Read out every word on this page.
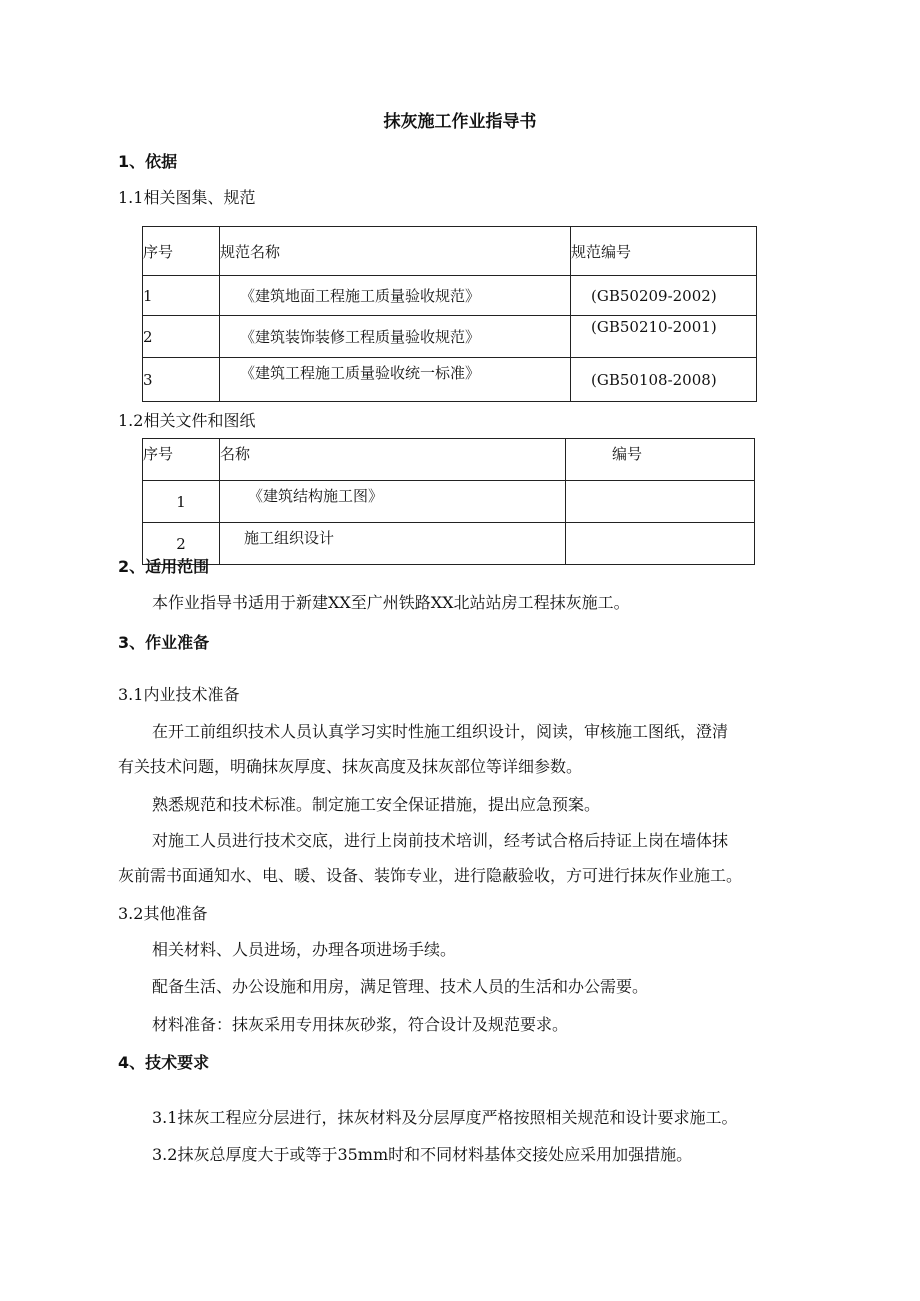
抹灰施工作业指导书
1、依据
1.1相关图集、规范
序号	规范名称	规范编号
1	《建筑地面工程施工质量验收规范》	(GB50209-2002)
2	《建筑装饰装修工程质量验收规范》	(GB50210-2001)
3	《建筑工程施工质量验收统一标准》	(GB50108-2008)
1.2相关文件和图纸
序号	名称	编号
1	《建筑结构施工图》	
2	施工组织设计	
2、适用范围
本作业指导书适用于新建XX至广州铁路XX北站站房工程抹灰施工。
3、作业准备
3.1内业技术准备
在开工前组织技术人员认真学习实时性施工组织设计，阅读，审核施工图纸，澄清
有关技术问题，明确抹灰厚度、抹灰高度及抹灰部位等详细参数。
熟悉规范和技术标准。制定施工安全保证措施，提出应急预案。
对施工人员进行技术交底，进行上岗前技术培训，经考试合格后持证上岗在墙体抹
灰前需书面通知水、电、暖、设备、装饰专业，进行隐蔽验收，方可进行抹灰作业施工。
3.2其他准备
相关材料、人员进场，办理各项进场手续。
配备生活、办公设施和用房，满足管理、技术人员的生活和办公需要。
材料准备：抹灰采用专用抹灰砂浆，符合设计及规范要求。
4、技术要求
3.1抹灰工程应分层进行，抹灰材料及分层厚度严格按照相关规范和设计要求施工。
3.2抹灰总厚度大于或等于35mm时和不同材料基体交接处应采用加强措施。
